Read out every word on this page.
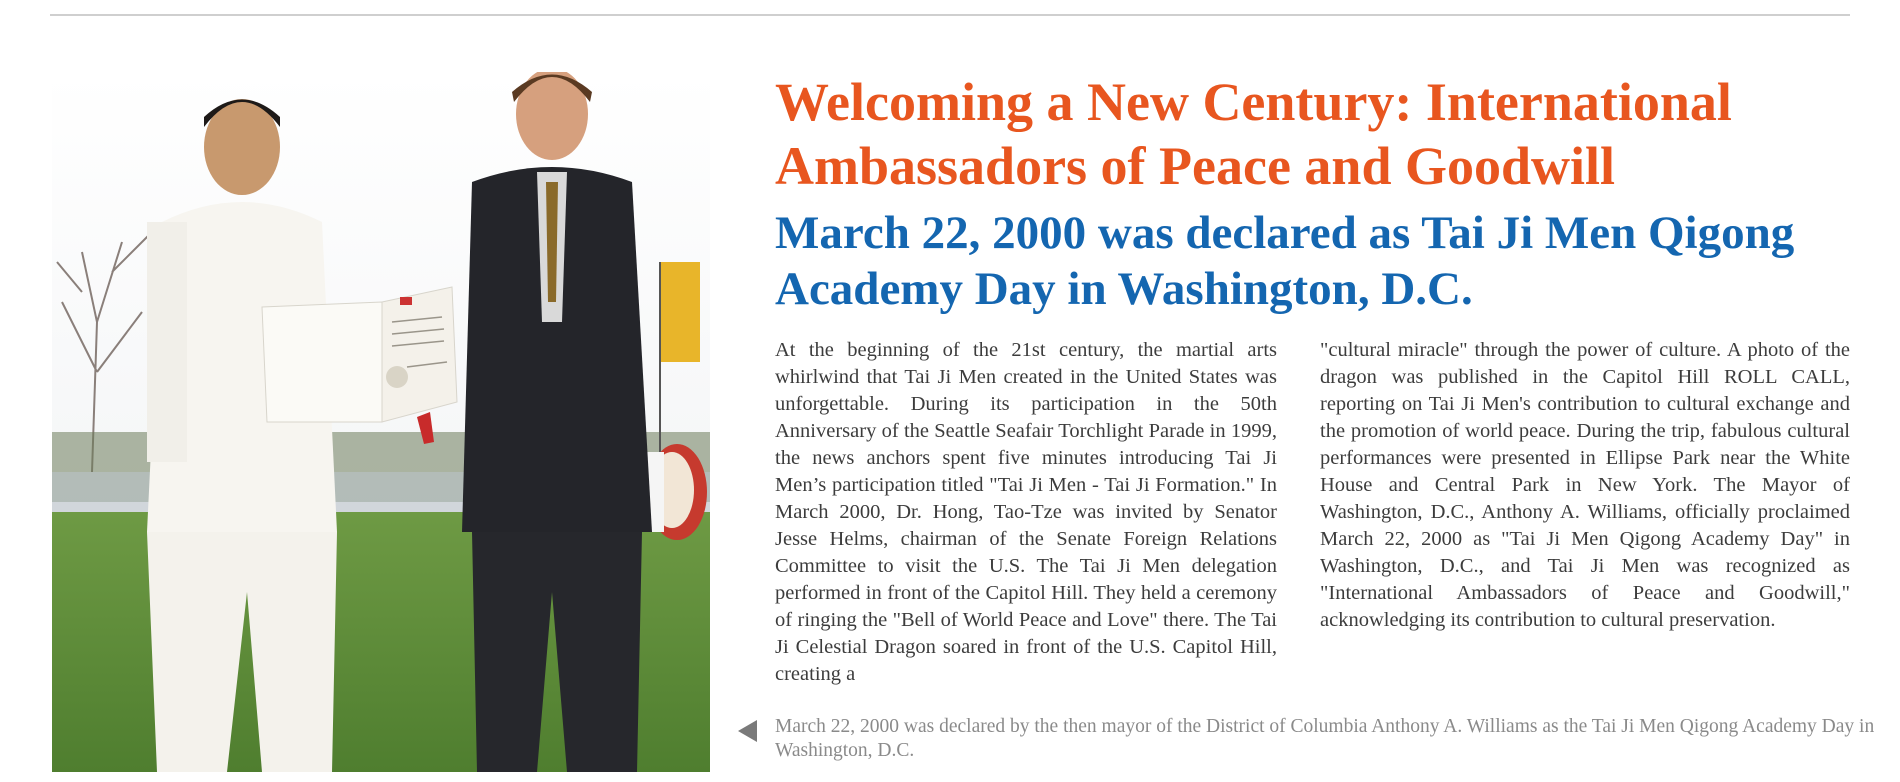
Welcoming a New Century: International Ambassadors of Peace and Goodwill
March 22, 2000 was declared as Tai Ji Men Qigong Academy Day in Washington, D.C.

At the beginning of the 21st century, the martial arts whirlwind that Tai Ji Men created in the United States was unforgettable. During its participation in the 50th Anniversary of the Seattle Seafair Torchlight Parade in 1999, the news anchors spent five minutes introducing Tai Ji Men’s participation titled "Tai Ji Men - Tai Ji Formation." In March 2000, Dr. Hong, Tao-Tze was invited by Senator Jesse Helms, chairman of the Senate Foreign Relations Committee to visit the U.S. The Tai Ji Men delegation performed in front of the Capitol Hill. They held a ceremony of ringing the "Bell of World Peace and Love" there. The Tai Ji Celestial Dragon soared in front of the U.S. Capitol Hill, creating a

"cultural miracle" through the power of culture. A photo of the dragon was published in the Capitol Hill ROLL CALL, reporting on Tai Ji Men's contribution to cultural exchange and the promotion of world peace. During the trip, fabulous cultural performances were presented in Ellipse Park near the White House and Central Park in New York. The Mayor of Washington, D.C., Anthony A. Williams, officially proclaimed March 22, 2000 as "Tai Ji Men Qigong Academy Day" in Washington, D.C., and Tai Ji Men was recognized as "International Ambassadors of Peace and Goodwill," acknowledging its contribution to cultural preservation.

March 22, 2000 was declared by the then mayor of the District of Columbia Anthony A. Williams as the Tai Ji Men Qigong Academy Day in Washington, D.C.
